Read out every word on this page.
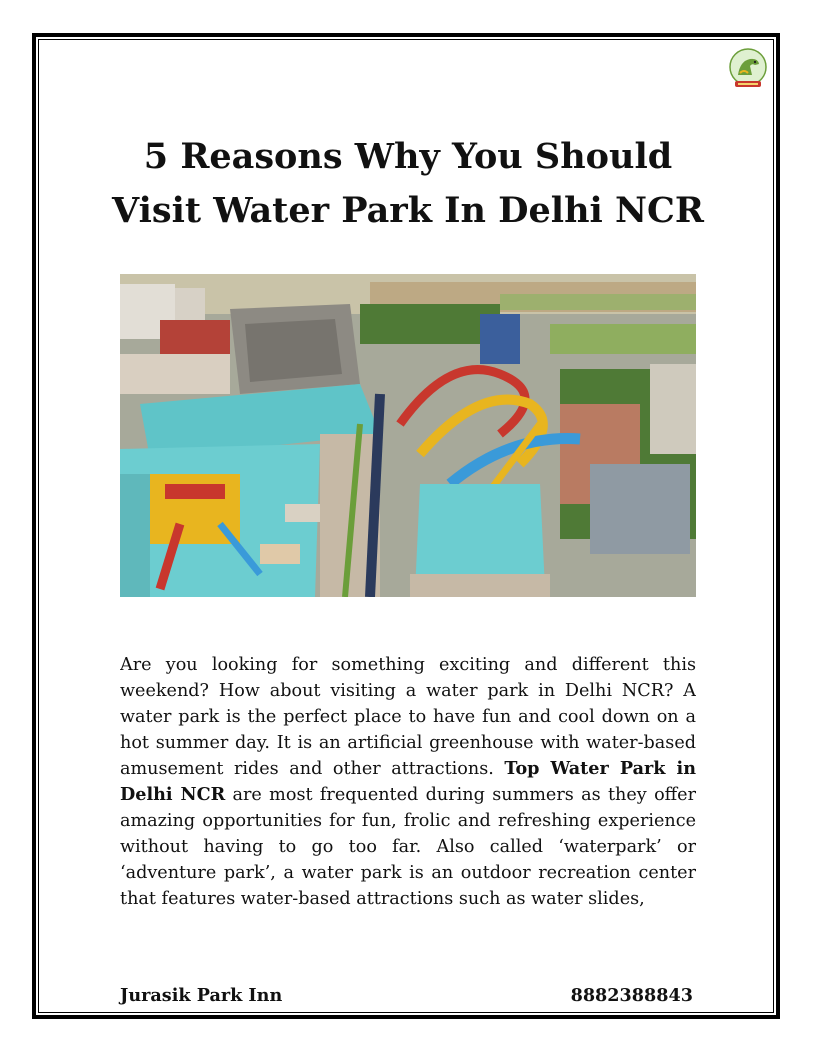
5 Reasons Why You Should
Visit Water Park In Delhi NCR

Are you looking for something exciting and different this weekend? How about visiting a water park in Delhi NCR? A water park is the perfect place to have fun and cool down on a hot summer day. It is an artificial greenhouse with water-based amusement rides and other attractions. Top Water Park in Delhi NCR are most frequented during summers as they offer amazing opportunities for fun, frolic and refreshing experience without having to go too far. Also called ‘waterpark’ or ‘adventure park’, a water park is an outdoor recreation center that features water-based attractions such as water slides,

Jurasik Park Inn	8882388843
